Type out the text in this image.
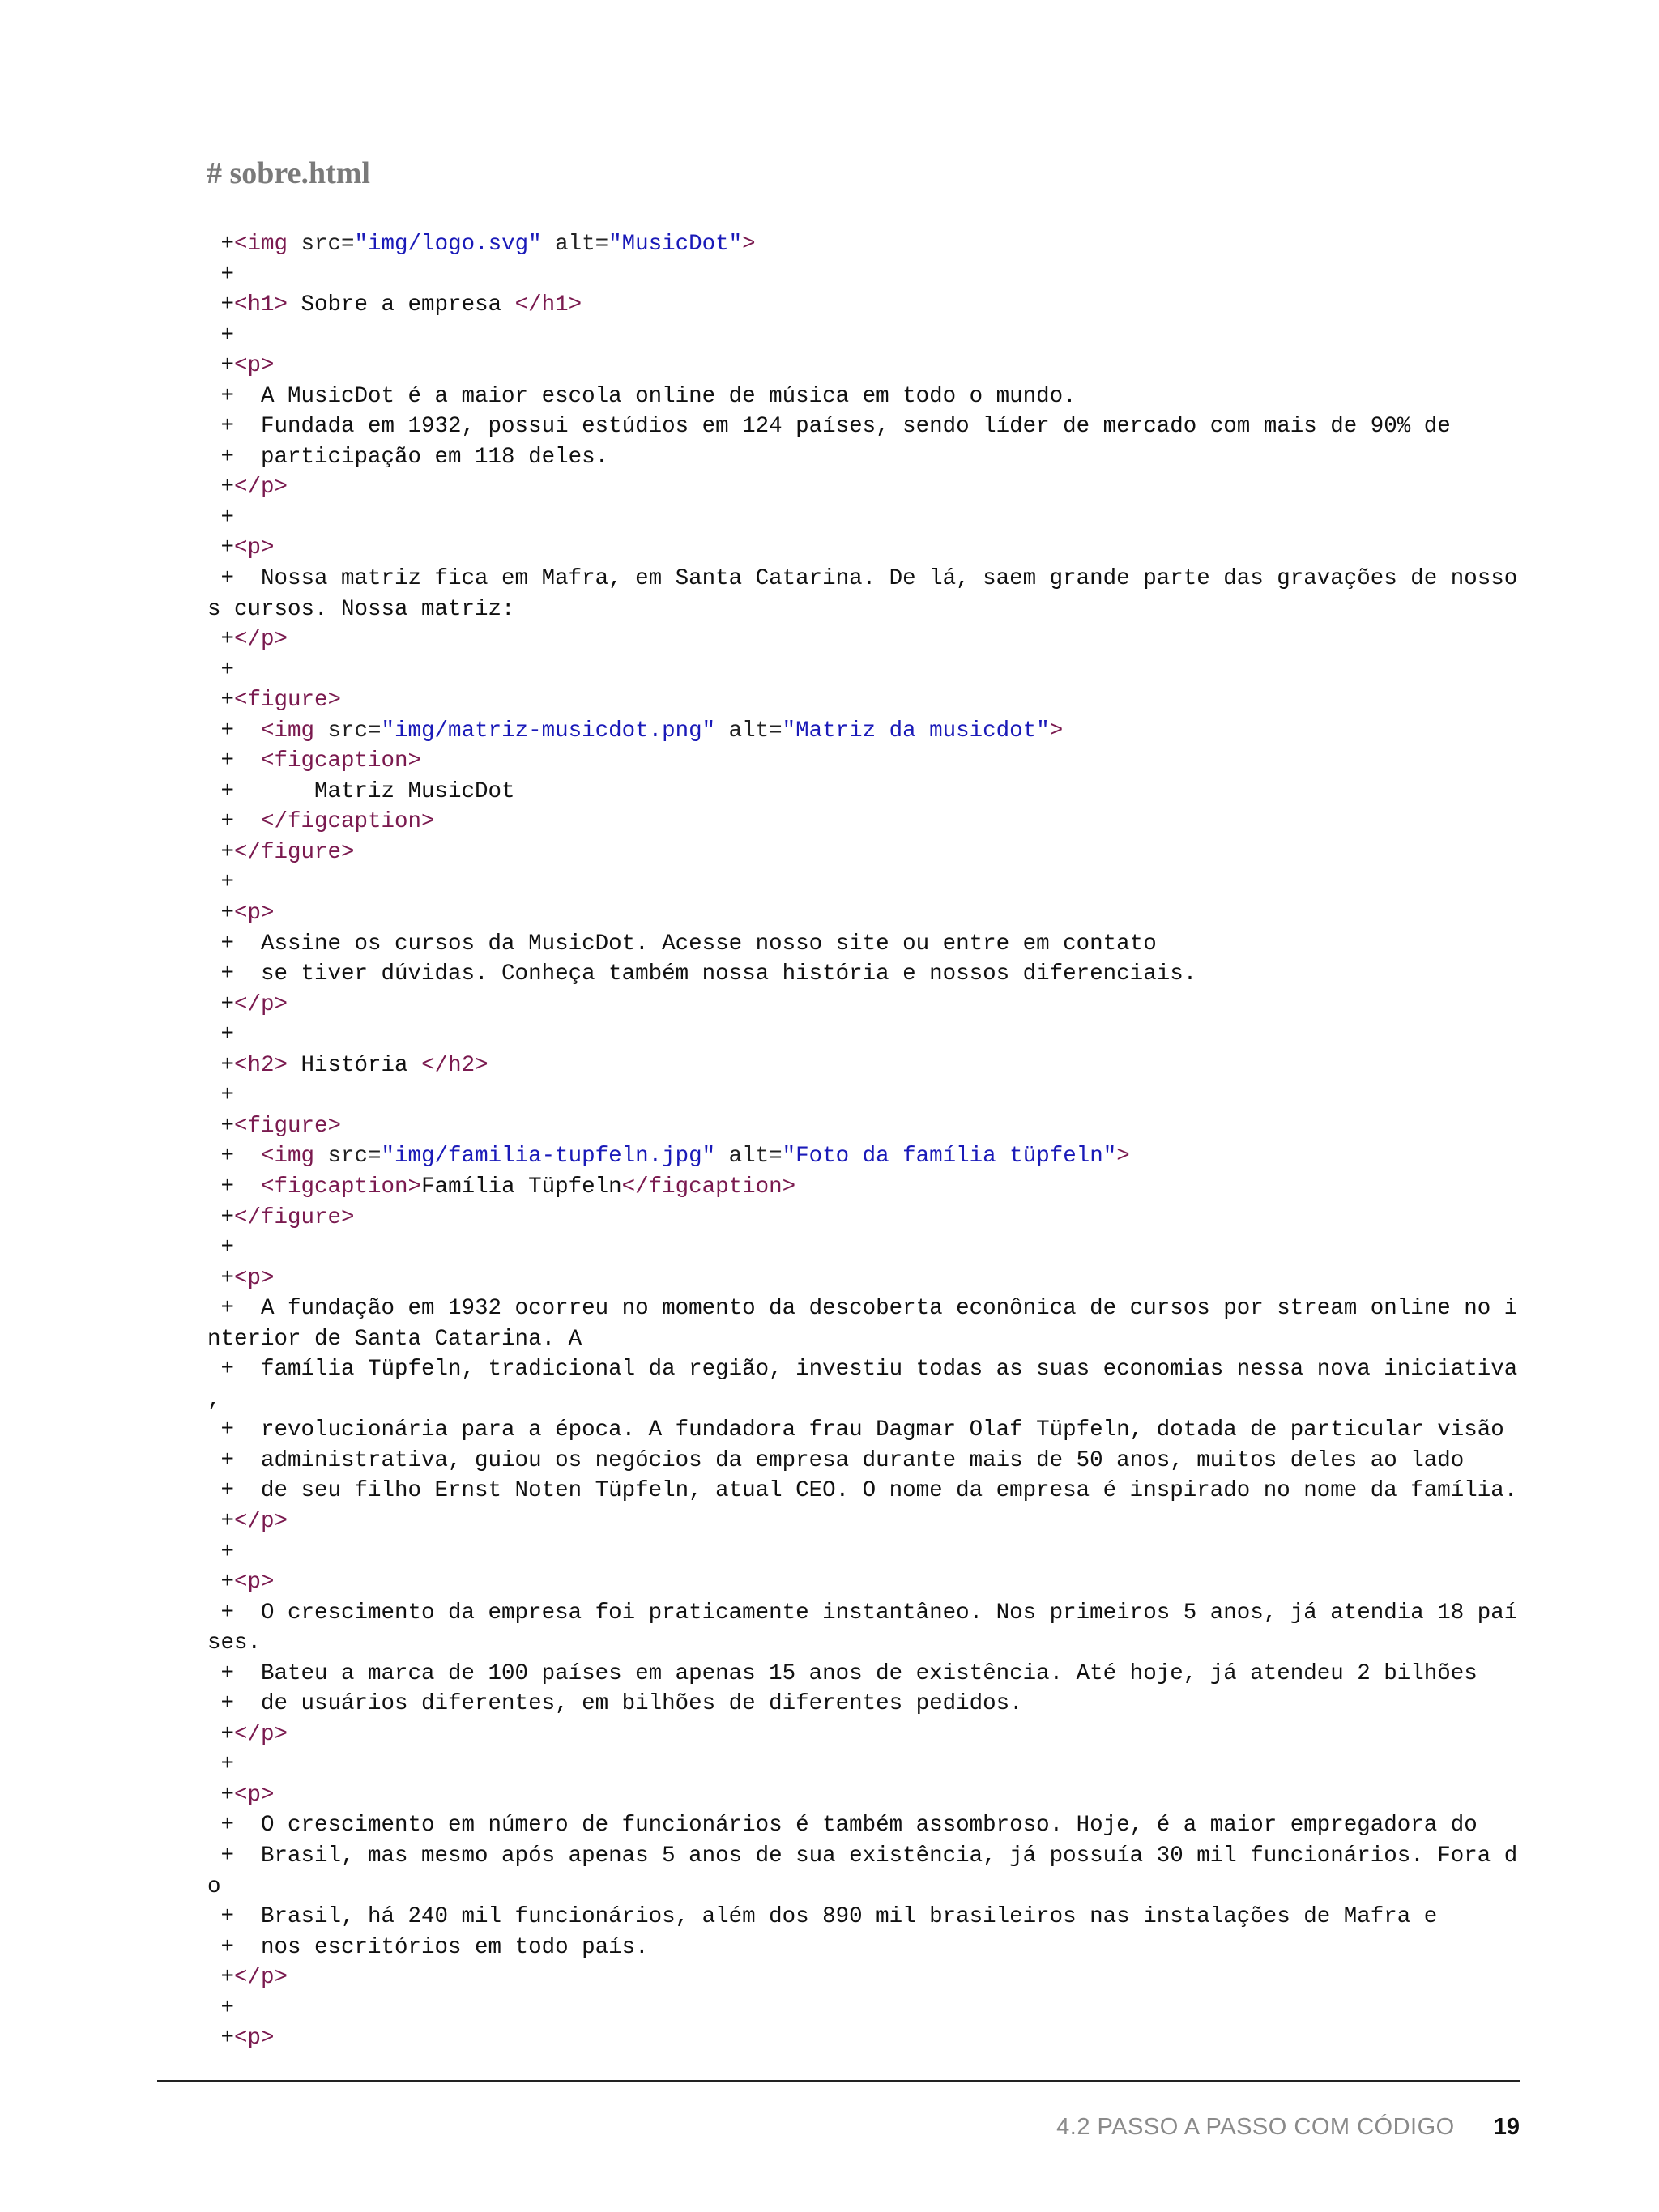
# sobre.html
+<img src="img/logo.svg" alt="MusicDot">
+
+<h1> Sobre a empresa </h1>
+
+<p>
+  A MusicDot é a maior escola online de música em todo o mundo.
+  Fundada em 1932, possui estúdios em 124 países, sendo líder de mercado com mais de 90% de
+  participação em 118 deles.
+</p>
+
+<p>
+  Nossa matriz fica em Mafra, em Santa Catarina. De lá, saem grande parte das gravações de nosso
s cursos. Nossa matriz:
+</p>
+
+<figure>
+  <img src="img/matriz-musicdot.png" alt="Matriz da musicdot">
+  <figcaption>
+      Matriz MusicDot
+  </figcaption>
+</figure>
+
+<p>
+  Assine os cursos da MusicDot. Acesse nosso site ou entre em contato
+  se tiver dúvidas. Conheça também nossa história e nossos diferenciais.
+</p>
+
+<h2> História </h2>
+
+<figure>
+  <img src="img/familia-tupfeln.jpg" alt="Foto da família tüpfeln">
+  <figcaption>Família Tüpfeln</figcaption>
+</figure>
+
+<p>
+  A fundação em 1932 ocorreu no momento da descoberta econônica de cursos por stream online no i
nterior de Santa Catarina. A
+  família Tüpfeln, tradicional da região, investiu todas as suas economias nessa nova iniciativa
,
+  revolucionária para a época. A fundadora frau Dagmar Olaf Tüpfeln, dotada de particular visão
+  administrativa, guiou os negócios da empresa durante mais de 50 anos, muitos deles ao lado
+  de seu filho Ernst Noten Tüpfeln, atual CEO. O nome da empresa é inspirado no nome da família.
+</p>
+
+<p>
+  O crescimento da empresa foi praticamente instantâneo. Nos primeiros 5 anos, já atendia 18 paí
ses.
+  Bateu a marca de 100 países em apenas 15 anos de existência. Até hoje, já atendeu 2 bilhões
+  de usuários diferentes, em bilhões de diferentes pedidos.
+</p>
+
+<p>
+  O crescimento em número de funcionários é também assombroso. Hoje, é a maior empregadora do
+  Brasil, mas mesmo após apenas 5 anos de sua existência, já possuía 30 mil funcionários. Fora d
o
+  Brasil, há 240 mil funcionários, além dos 890 mil brasileiros nas instalações de Mafra e
+  nos escritórios em todo país.
+</p>
+
+<p>
4.2 PASSO A PASSO COM CÓDIGO 19
